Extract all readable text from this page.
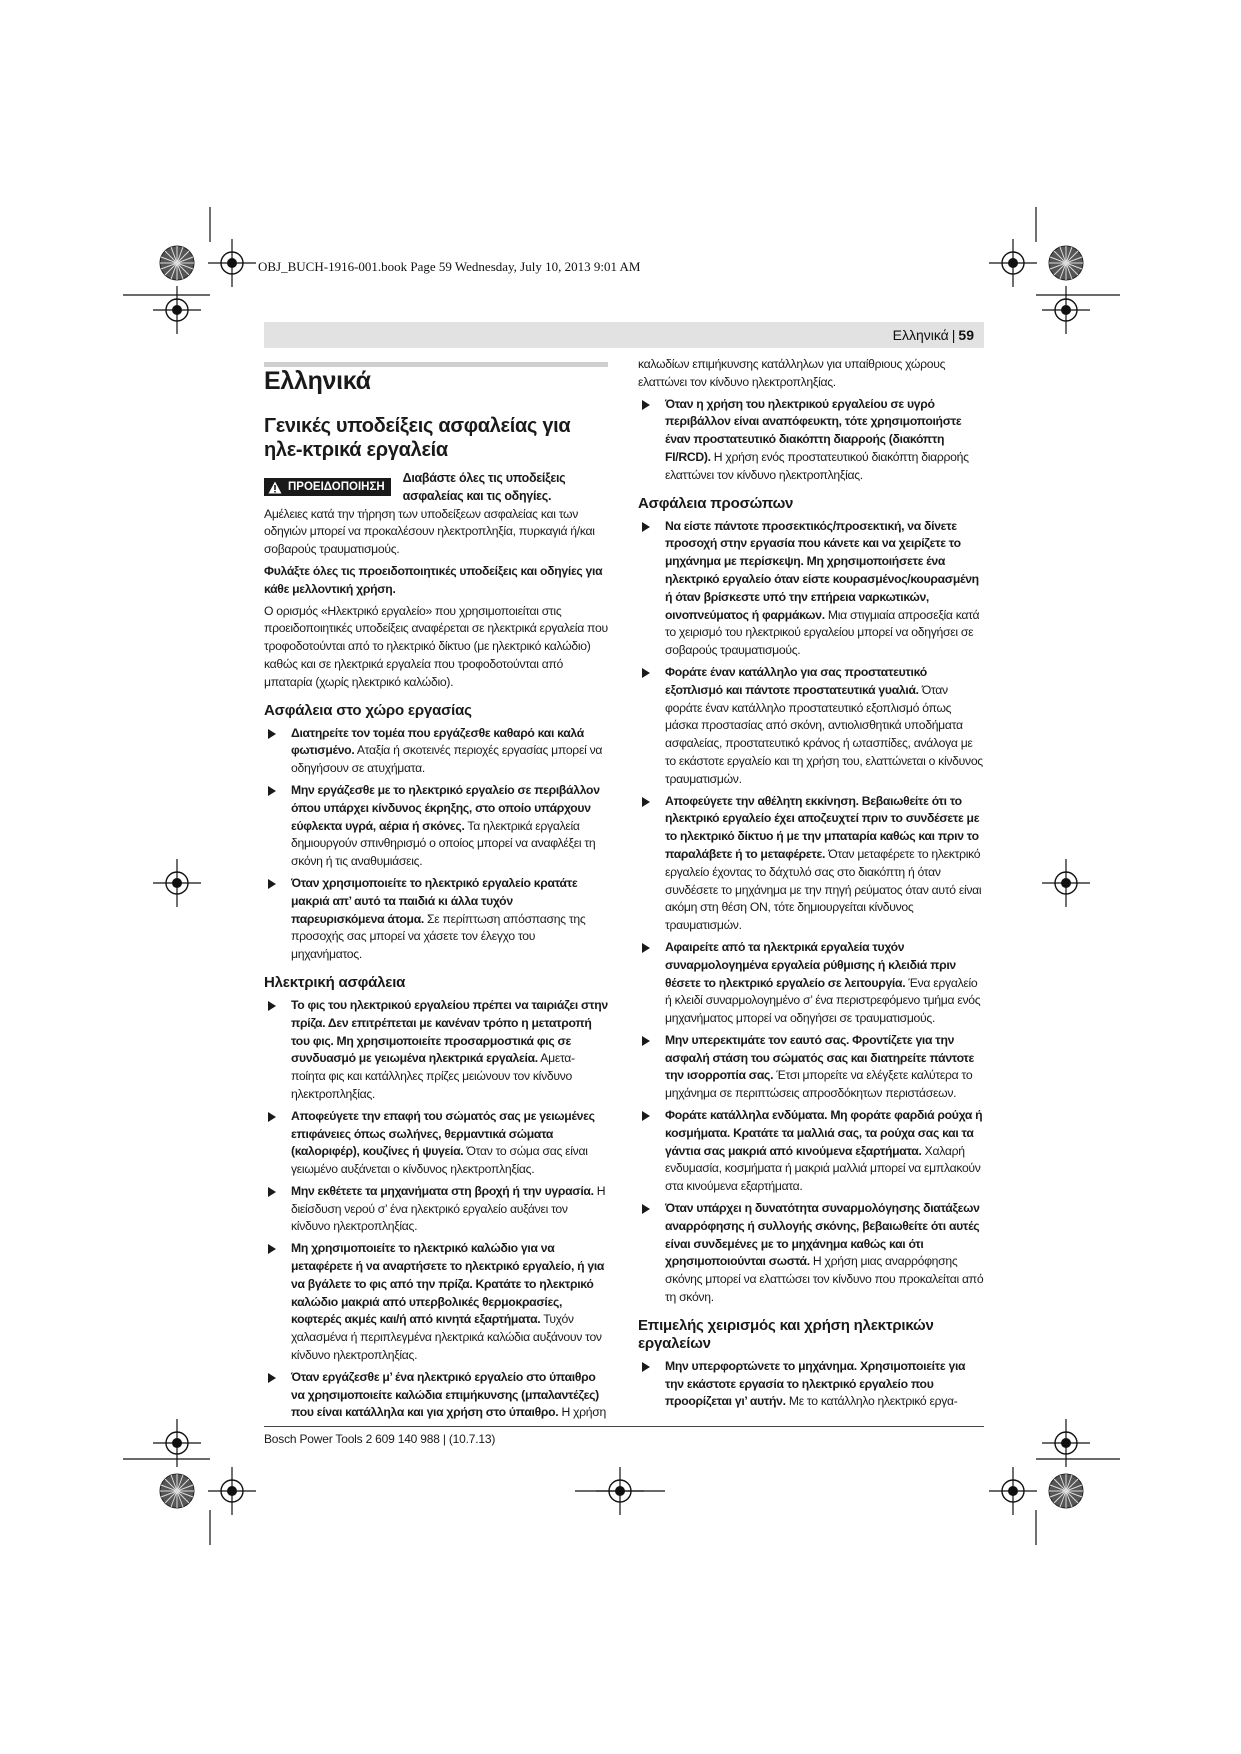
OBJ_BUCH-1916-001.book Page 59 Wednesday, July 10, 2013 9:01 AM
Ελληνικά | 59
Ελληνικά
Γενικές υποδείξεις ασφαλείας για ηλε-κτρικά εργαλεία
ΠΡΟΕΙΔΟΠΟΙΗΣΗ
Διαβάστε όλες τις υποδείξεις ασφαλείας και τις οδηγίες.

Αμέλειες κατά την τήρηση των υποδείξεων ασφαλείας και των οδηγιών μπορεί να προκαλέσουν ηλεκτροπληξία, πυρκαγιά ή/και σοβαρούς τραυματισμούς.

Φυλάξτε όλες τις προειδοποιητικές υποδείξεις και οδηγίες για κάθε μελλοντική χρήση.

Ο ορισμός «Ηλεκτρικό εργαλείο» που χρησιμοποιείται στις προειδοποιητικές υποδείξεις αναφέρεται σε ηλεκτρικά εργαλεία που τροφοδοτούνται από το ηλεκτρικό δίκτυο (με ηλεκτρικό καλώδιο) καθώς και σε ηλεκτρικά εργαλεία που τροφοδοτούνται από μπαταρία (χωρίς ηλεκτρικό καλώδιο).

Ασφάλεια στο χώρο εργασίας
Διατηρείτε τον τομέα που εργάζεσθε καθαρό και καλά φωτισμένο. Αταξία ή σκοτεινές περιοχές εργασίας μπορεί να οδηγήσουν σε ατυχήματα.
Μην εργάζεσθε με το ηλεκτρικό εργαλείο σε περιβάλλον όπου υπάρχει κίνδυνος έκρηξης, στο οποίο υπάρχουν εύφλεκτα υγρά, αέρια ή σκόνες. Τα ηλεκτρικά εργαλεία δημιουργούν σπινθηρισμό ο οποίος μπορεί να αναφλέξει τη σκόνη ή τις αναθυμιάσεις.
Όταν χρησιμοποιείτε το ηλεκτρικό εργαλείο κρατάτε μακριά απ’ αυτό τα παιδιά κι άλλα τυχόν παρευρισκόμενα άτομα. Σε περίπτωση απόσπασης της προσοχής σας μπορεί να χάσετε τον έλεγχο του μηχανήματος.
Ηλεκτρική ασφάλεια
Το φις του ηλεκτρικού εργαλείου πρέπει να ταιριάζει στην πρίζα. Δεν επιτρέπεται με κανέναν τρόπο η μετατροπή του φις. Μη χρησιμοποιείτε προσαρμοστικά φις σε συνδυασμό με γειωμένα ηλεκτρικά εργαλεία. Αμετα-ποίητα φις και κατάλληλες πρίζες μειώνουν τον κίνδυνο ηλεκτροπληξίας.
Αποφεύγετε την επαφή του σώματός σας με γειωμένες επιφάνειες όπως σωλήνες, θερμαντικά σώματα (καλοριφέρ), κουζίνες ή ψυγεία. Όταν το σώμα σας είναι γειωμένο αυξάνεται ο κίνδυνος ηλεκτροπληξίας.
Μην εκθέτετε τα μηχανήματα στη βροχή ή την υγρασία. Η διείσδυση νερού σ’ ένα ηλεκτρικό εργαλείο αυξάνει τον κίνδυνο ηλεκτροπληξίας.
Μη χρησιμοποιείτε το ηλεκτρικό καλώδιο για να μεταφέρετε ή να αναρτήσετε το ηλεκτρικό εργαλείο, ή για να βγάλετε το φις από την πρίζα. Κρατάτε το ηλεκτρικό καλώδιο μακριά από υπερβολικές θερμοκρασίες, κοφτερές ακμές και/ή από κινητά εξαρτήματα. Τυχόν χαλασμένα ή περιπλεγμένα ηλεκτρικά καλώδια αυξάνουν τον κίνδυνο ηλεκτροπληξίας.
Όταν εργάζεσθε μ’ ένα ηλεκτρικό εργαλείο στο ύπαιθρο να χρησιμοποιείτε καλώδια επιμήκυνσης (μπαλαντέζες) που είναι κατάλληλα και για χρήση στο ύπαιθρο. Η χρήση

καλωδίων επιμήκυνσης κατάλληλων για υπαίθριους χώρους ελαττώνει τον κίνδυνο ηλεκτροπληξίας.

Όταν η χρήση του ηλεκτρικού εργαλείου σε υγρό περιβάλλον είναι αναπόφευκτη, τότε χρησιμοποιήστε έναν προστατευτικό διακόπτη διαρροής (διακόπτη FI/RCD). Η χρήση ενός προστατευτικού διακόπτη διαρροής ελαττώνει τον κίνδυνο ηλεκτροπληξίας.
Ασφάλεια προσώπων
Να είστε πάντοτε προσεκτικός/προσεκτική, να δίνετε προσοχή στην εργασία που κάνετε και να χειρίζετε το μηχάνημα με περίσκεψη. Μη χρησιμοποιήσετε ένα ηλεκτρικό εργαλείο όταν είστε κουρασμένος/κουρασμένη ή όταν βρίσκεστε υπό την επήρεια ναρκωτικών, οινοπνεύματος ή φαρμάκων. Μια στιγμιαία απροσεξία κατά το χειρισμό του ηλεκτρικού εργαλείου μπορεί να οδηγήσει σε σοβαρούς τραυματισμούς.
Φοράτε έναν κατάλληλο για σας προστατευτικό εξοπλισμό και πάντοτε προστατευτικά γυαλιά. Όταν φοράτε έναν κατάλληλο προστατευτικό εξοπλισμό όπως μάσκα προστασίας από σκόνη, αντιολισθητικά υποδήματα ασφαλείας, προστατευτικό κράνος ή ωτασπίδες, ανάλογα με το εκάστοτε εργαλείο και τη χρήση του, ελαττώνεται ο κίνδυνος τραυματισμών.
Αποφεύγετε την αθέλητη εκκίνηση. Βεβαιωθείτε ότι το ηλεκτρικό εργαλείο έχει αποζευχτεί πριν το συνδέσετε με το ηλεκτρικό δίκτυο ή με την μπαταρία καθώς και πριν το παραλάβετε ή το μεταφέρετε. Όταν μεταφέρετε το ηλεκτρικό εργαλείο έχοντας το δάχτυλό σας στο διακόπτη ή όταν συνδέσετε το μηχάνημα με την πηγή ρεύματος όταν αυτό είναι ακόμη στη θέση ΟΝ, τότε δημιουργείται κίνδυνος τραυματισμών.
Αφαιρείτε από τα ηλεκτρικά εργαλεία τυχόν συναρμολογημένα εργαλεία ρύθμισης ή κλειδιά πριν θέσετε το ηλεκτρικό εργαλείο σε λειτουργία. Ένα εργαλείο ή κλειδί συναρμολογημένο σ’ ένα περιστρεφόμενο τμήμα ενός μηχανήματος μπορεί να οδηγήσει σε τραυματισμούς.
Μην υπερεκτιμάτε τον εαυτό σας. Φροντίζετε για την ασφαλή στάση του σώματός σας και διατηρείτε πάντοτε την ισορροπία σας. Έτσι μπορείτε να ελέγξετε καλύτερα το μηχάνημα σε περιπτώσεις απροσδόκητων περιστάσεων.
Φοράτε κατάλληλα ενδύματα. Μη φοράτε φαρδιά ρούχα ή κοσμήματα. Κρατάτε τα μαλλιά σας, τα ρούχα σας και τα γάντια σας μακριά από κινούμενα εξαρτήματα. Χαλαρή ενδυμασία, κοσμήματα ή μακριά μαλλιά μπορεί να εμπλακούν στα κινούμενα εξαρτήματα.
Όταν υπάρχει η δυνατότητα συναρμολόγησης διατάξεων αναρρόφησης ή συλλογής σκόνης, βεβαιωθείτε ότι αυτές είναι συνδεμένες με το μηχάνημα καθώς και ότι χρησιμοποιούνται σωστά. Η χρήση μιας αναρρόφησης σκόνης μπορεί να ελαττώσει τον κίνδυνο που προκαλείται από τη σκόνη.
Επιμελής χειρισμός και χρήση ηλεκτρικών εργαλείων
Μην υπερφορτώνετε το μηχάνημα. Χρησιμοποιείτε για την εκάστοτε εργασία το ηλεκτρικό εργαλείο που προορίζεται γι’ αυτήν. Με το κατάλληλο ηλεκτρικό εργα-
Bosch Power Tools 2 609 140 988 | (10.7.13)
